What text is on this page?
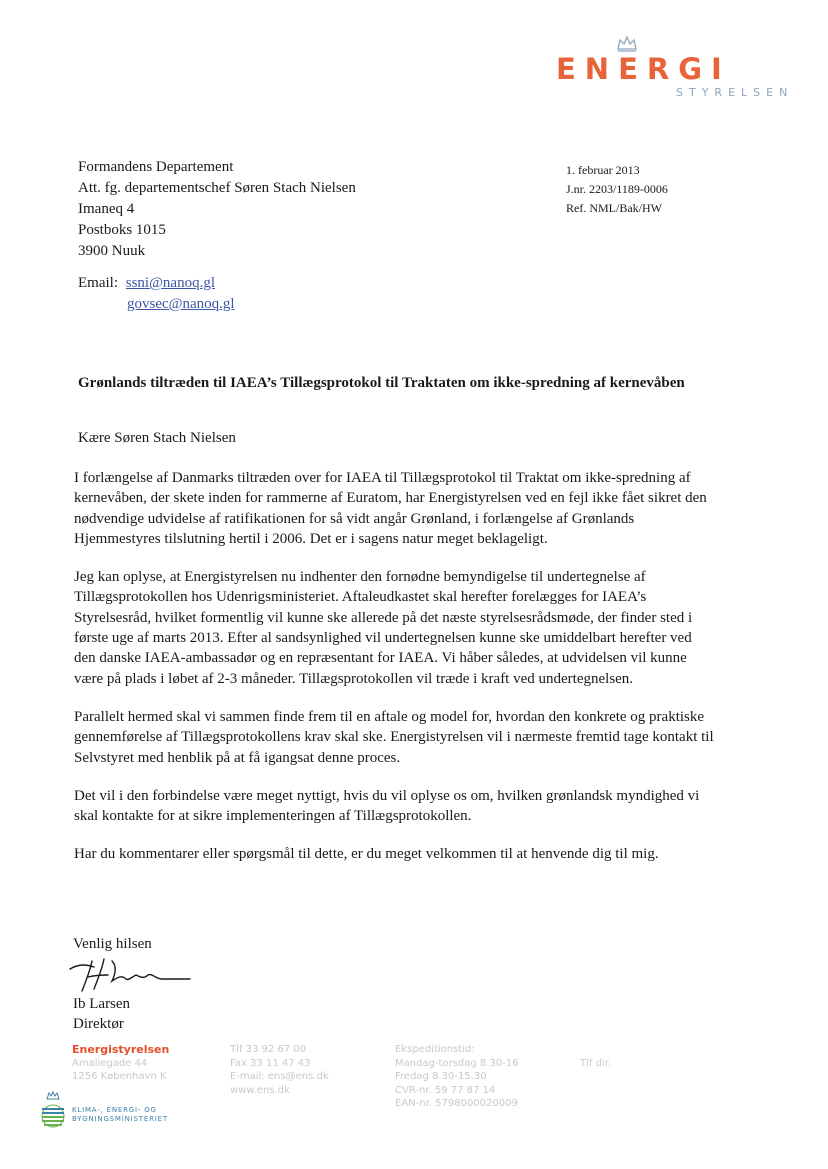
ENERGI
STYRELSEN
Formandens Departement
Att. fg. departementschef Søren Stach Nielsen
Imaneq 4
Postboks 1015
3900 Nuuk
1. februar 2013
J.nr. 2203/1189-0006
Ref. NML/Bak/HW
Email: ssni@nanoq.gl
govsec@nanoq.gl
Grønlands tiltræden til IAEA’s Tillægsprotokol til Traktaten om ikke-spredning af kernevåben
Kære Søren Stach Nielsen

I forlængelse af Danmarks tiltræden over for IAEA til Tillægsprotokol til Traktat om ikke-spredning af kernevåben, der skete inden for rammerne af Euratom, har Energistyrelsen ved en fejl ikke fået sikret den nødvendige udvidelse af ratifikationen for så vidt angår Grønland, i forlængelse af Grønlands Hjemmestyres tilslutning hertil i 2006. Det er i sagens natur meget beklageligt.

Jeg kan oplyse, at Energistyrelsen nu indhenter den fornødne bemyndigelse til undertegnelse af Tillægsprotokollen hos Udenrigsministeriet. Aftaleudkastet skal herefter forelægges for IAEA’s Styrelsesråd, hvilket formentlig vil kunne ske allerede på det næste styrelsesrådsmøde, der finder sted i første uge af marts 2013. Efter al sandsynlighed vil undertegnelsen kunne ske umiddelbart herefter ved den danske IAEA-ambassadør og en repræsentant for IAEA. Vi håber således, at udvidelsen vil kunne være på plads i løbet af 2-3 måneder. Tillægsprotokollen vil træde i kraft ved undertegnelsen.

Parallelt hermed skal vi sammen finde frem til en aftale og model for, hvordan den konkrete og praktiske gennemførelse af Tillægsprotokollens krav skal ske. Energistyrelsen vil i nærmeste fremtid tage kontakt til Selvstyret med henblik på at få igangsat denne proces.

Det vil i den forbindelse være meget nyttigt, hvis du vil oplyse os om, hvilken grønlandsk myndighed vi skal kontakte for at sikre implementeringen af Tillægsprotokollen.

Har du kommentarer eller spørgsmål til dette, er du meget velkommen til at henvende dig til mig.

Venlig hilsen
Ib Larsen
Direktør
Energistyrelsen
Amaliegade 44
1256 København K
Tlf 33 92 67 00
Fax 33 11 47 43
E-mail: ens@ens.dk
www.ens.dk
Ekspeditionstid:
Mandag-torsdag 8.30-16
Fredag 8.30-15.30
CVR-nr. 59 77 87 14
EAN-nr. 5798000020009
Tlf dir.
KLIMA-, ENERGI- OG
BYGNINGSMINISTERIET
